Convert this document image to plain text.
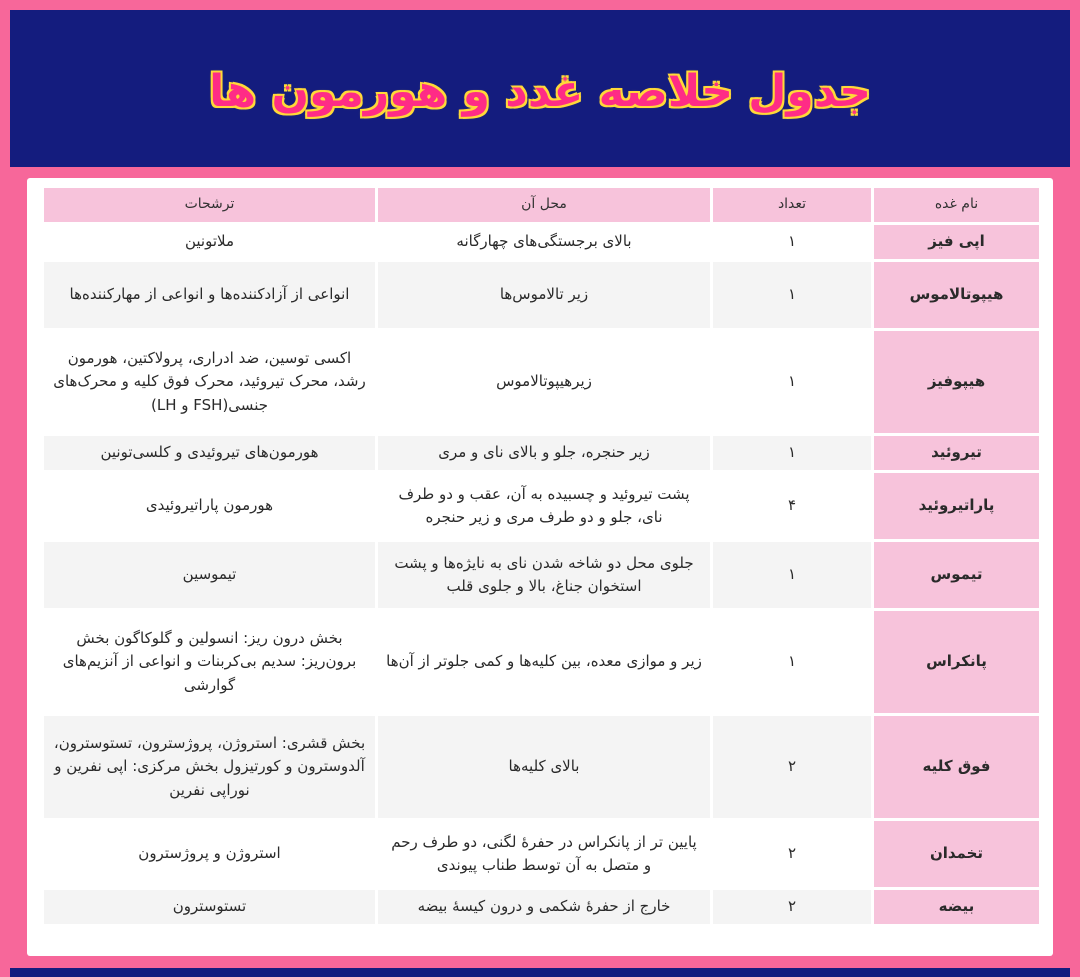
جدول خلاصه غدد و هورمون ها
نام غده	تعداد	محل آن	ترشحات
اپی فیز	۱	بالای برجستگی‌های چهارگانه	ملاتونین
هیپوتالاموس	۱	زیر تالاموس‌ها	انواعی از آزادکننده‌ها و انواعی از مهارکننده‌ها
هیپوفیز	۱	زیرهیپوتالاموس	اکسی توسین، ضد ادراری، پرولاکتین، هورمون رشد، محرک تیروئید، محرک فوق کلیه و محرک‌های جنسی(FSH و LH)
تیروئید	۱	زیر حنجره، جلو و بالای نای و مری	هورمون‌های تیروئیدی و کلسی‌تونین
پاراتیروئید	۴	پشت تیروئید و چسبیده به آن، عقب و دو طرف نای، جلو و دو طرف مری و زیر حنجره	هورمون پاراتیروئیدی
تیموس	۱	جلوی محل دو شاخه شدن نای به نایژه‌ها و پشت استخوان جناغ، بالا و جلوی قلب	تیموسین
پانکراس	۱	زیر و موازی معده، بین کلیه‌ها و کمی جلوتر از آن‌ها	بخش درون ریز: انسولین و گلوکاگون بخش برون‌ریز: سدیم بی‌کربنات و انواعی از آنزیم‌های گوارشی
فوق کلیه	۲	بالای کلیه‌ها	بخش قشری: استروژن، پروژسترون، تستوسترون، آلدوسترون و کورتیزول بخش مرکزی: اپی نفرین و نوراپی نفرین
تخمدان	۲	پایین تر از پانکراس در حفرهٔ لگنی، دو طرف رحم و متصل به آن توسط طناب پیوندی	استروژن و پروژسترون
بیضه	۲	خارج از حفرهٔ شکمی و درون کیسهٔ بیضه	تستوسترون
